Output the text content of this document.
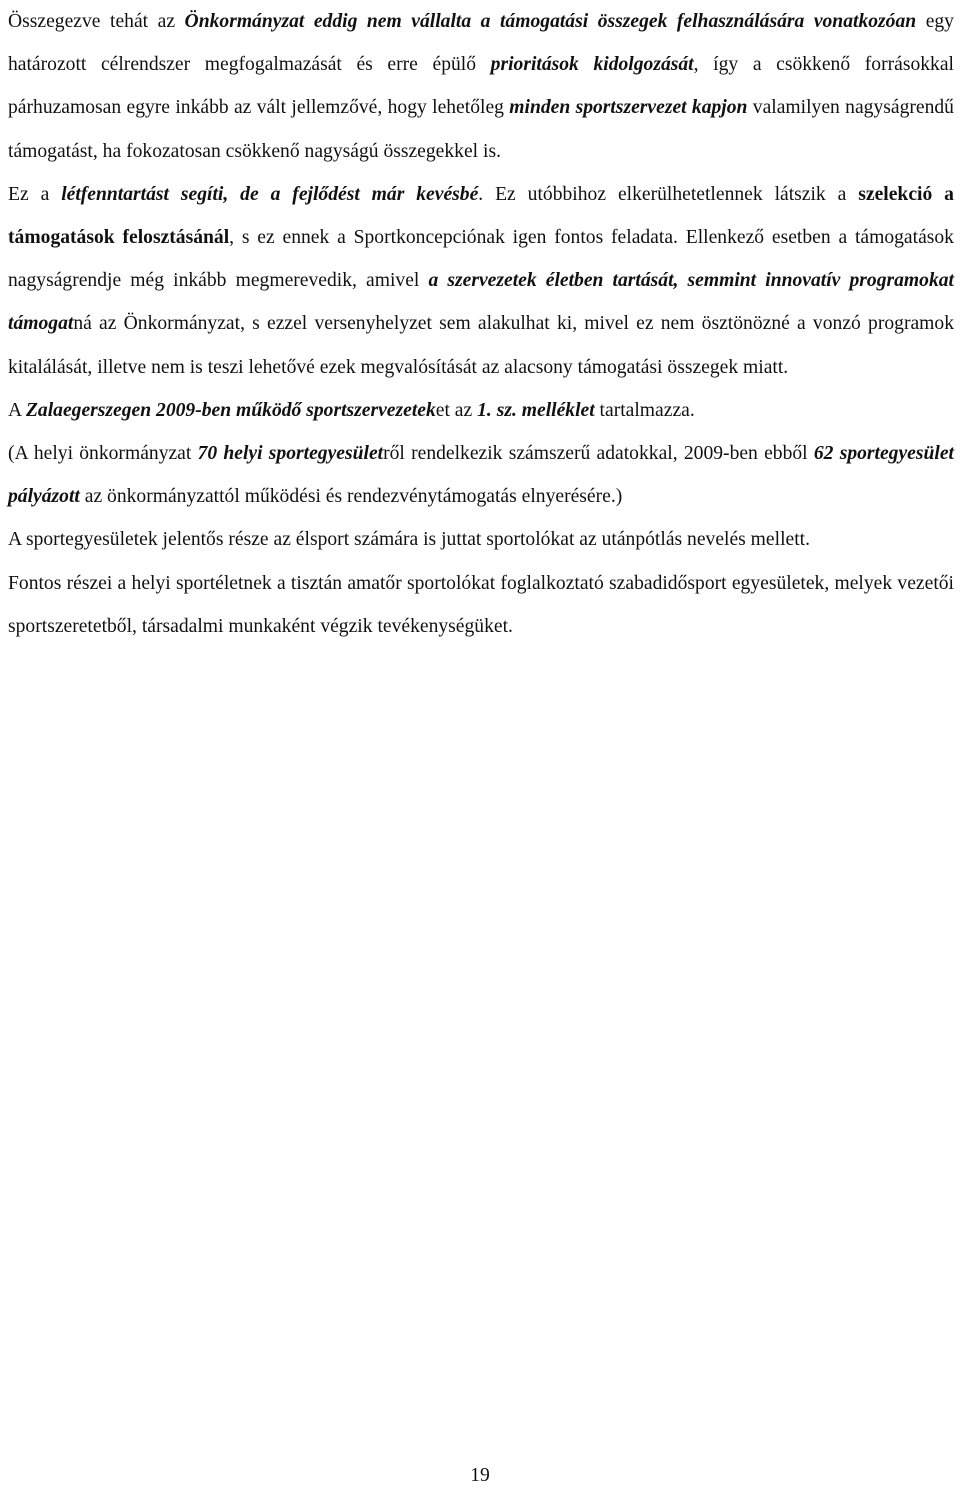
Összegezve tehát az Önkormányzat eddig nem vállalta a támogatási összegek felhasználására vonatkozóan egy határozott célrendszer megfogalmazását és erre épülő prioritások kidolgozását, így a csökkenő forrásokkal párhuzamosan egyre inkább az vált jellemzővé, hogy lehetőleg minden sportszervezet kapjon valamilyen nagyságrendű támogatást, ha fokozatosan csökkenő nagyságú összegekkel is.

Ez a létfenntartást segíti, de a fejlődést már kevésbé. Ez utóbbihoz elkerülhetetlennek látszik a szelekció a támogatások felosztásánál, s ez ennek a Sportkoncepciónak igen fontos feladata. Ellenkező esetben a támogatások nagyságrendje még inkább megmerevedik, amivel a szervezetek életben tartását, semmint innovatív programokat támogatná az Önkormányzat, s ezzel versenyhelyzet sem alakulhat ki, mivel ez nem ösztönözné a vonzó programok kitalálását, illetve nem is teszi lehetővé ezek megvalósítását az alacsony támogatási összegek miatt.

A Zalaegerszegen 2009-ben működő sportszervezeteket az 1. sz. melléklet tartalmazza.

(A helyi önkormányzat 70 helyi sportegyesületről rendelkezik számszerű adatokkal, 2009-ben ebből 62 sportegyesület pályázott az önkormányzattól működési és rendezvénytámogatás elnyerésére.)

A sportegyesületek jelentős része az élsport számára is juttat sportolókat az utánpótlás nevelés mellett.

Fontos részei a helyi sportéletnek a tisztán amatőr sportolókat foglalkoztató szabadidősport egyesületek, melyek vezetői sportszeretetből, társadalmi munkaként végzik tevékenységüket.

19
